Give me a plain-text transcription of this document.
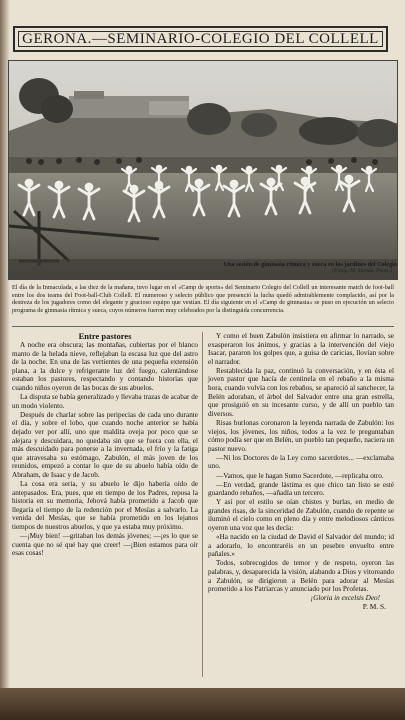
GERONA.—SEMINARIO-COLEGIO DEL COLLELL
Una sesión de gimnasia rítmica y sueca en los jardines del Colegio
(Fotog. M. Sureda, Pérez.)

El día de la Inmaculada, a las diez de la mañana, tuvo lugar en el «Camp de sports» del Seminario Colegio del Collell un interesante match de foot-ball entre los dos teams del Foot-ball-Club Collell. El numeroso y selecto público que presenció la lucha quedó admirablemente complacido, así por la destreza de los jugadores como del elegante y gracioso equipo que vestían. El día siguiente en el «Camp de gimnasia» se puso en ejecución un selecto programa de gimnasia rítmica y sueca, cuyos números fueron muy celebrados por la distinguida concurrencia.

Entre pastores

A noche era obscura; las montañas, cubiertas por el blanco manto de la helada nieve, reflejaban la escasa luz que del astro de la noche. En una de las vertientes de una pequeña extensión plana, a la dulce y refrigerante luz del fuego, calentándose estaban los pastores, respectando y contando historias que cuando niños oyeron de las bocas de sus abuelos.

La disputa se había generalizado y llevaba trazas de acabar de un modo violento.

Después de charlar sobre las peripecias de cada uno durante el día, y sobre el lobo, que cuando noche anterior se había dejado ver por allí, uno que maldita oveja por poco que se alejara y descuidara, no quedaba sin que se fuera con ella, el más descuidado para ponerse a la invernada, el frío y la fatiga que atravesaba su estómago, Zabulón, el más joven de los reunidos, empezó a contar lo que de su abuelo había oído de Abraham, de Isaac y de Jacob.

La cosa era seria, y su abuelo le dijo habería oído de antepasados. Era, pues, que en tiempo de los Padres, reposa la historia en su memoria, Jehová había prometido a Jacob que llegaría el tiempo de la redención por el Mesías a salvarlo. La venida del Mesías, que se había prometido en los lejanos tiempos de nuestros abuelos, y que ya estaba muy próximo.

—¡Muy bien! —gritaban los demás jóvenes; —¡es lo que se cuenta que no sé qué hay que creer! —¡Bien estamos para oír esas cosas!

Y como el buen Zabulón insistiera en afirmar lo narrado, se exasperaron los ánimos, y gracias a la intervención del viejo Isacar, pararon los golpes que, a guisa de caricias, llovían sobre el narrador.

Restablecida la paz, continuó la conversación, y en ésta el joven pastor que hacía de centinela en el rebaño a la misma hora, cuando volvía con los rebaños, se apareció al sanchecer, la Belén adoraban, el árbol del Salvador entre una gran estrella, que prosiguió en su incesante curso, y de allí un pueblo tan diversos.

Risas burlonas coronaron la leyenda narrada de Zabulón: los viejos, los jóvenes, los niños, todos a la vez le preguntaban cómo podía ser que en Belén, un pueblo tan pequeño, naciera un pastor nuevo.

—Ni los Doctores de la Ley como sacerdotes... —exclamaba uno.

—Vamos, que le hagan Sumo Sacerdote, —replicaba otro.

—En verdad, grande lástima es que chico tan listo se esté guardando rebaños, —añadía un tercero.

Y así por el estilo se oían chistes y burlas, en medio de grandes risas, de la sinceridad de Zabulón, cuando de repente se iluminó el cielo como en pleno día y entre melodiosos cánticos oyeron una voz que les decía:

«Ha nacido en la ciudad de David el Salvador del mundo; id a adorarlo, lo encontraréis en un pesebre envuelto entre pañales.»

Todos, sobrecogidos de temor y de respeto, oyeron las palabras, y, desaparecida la visión, alabando a Dios y vitoreando a Zabulón, se dirigieron a Belén para adorar al Mesías prometido a los Patriarcas y anunciado por los Profetas.

¡Gloria in excelsis Deo!

P. M. S.
